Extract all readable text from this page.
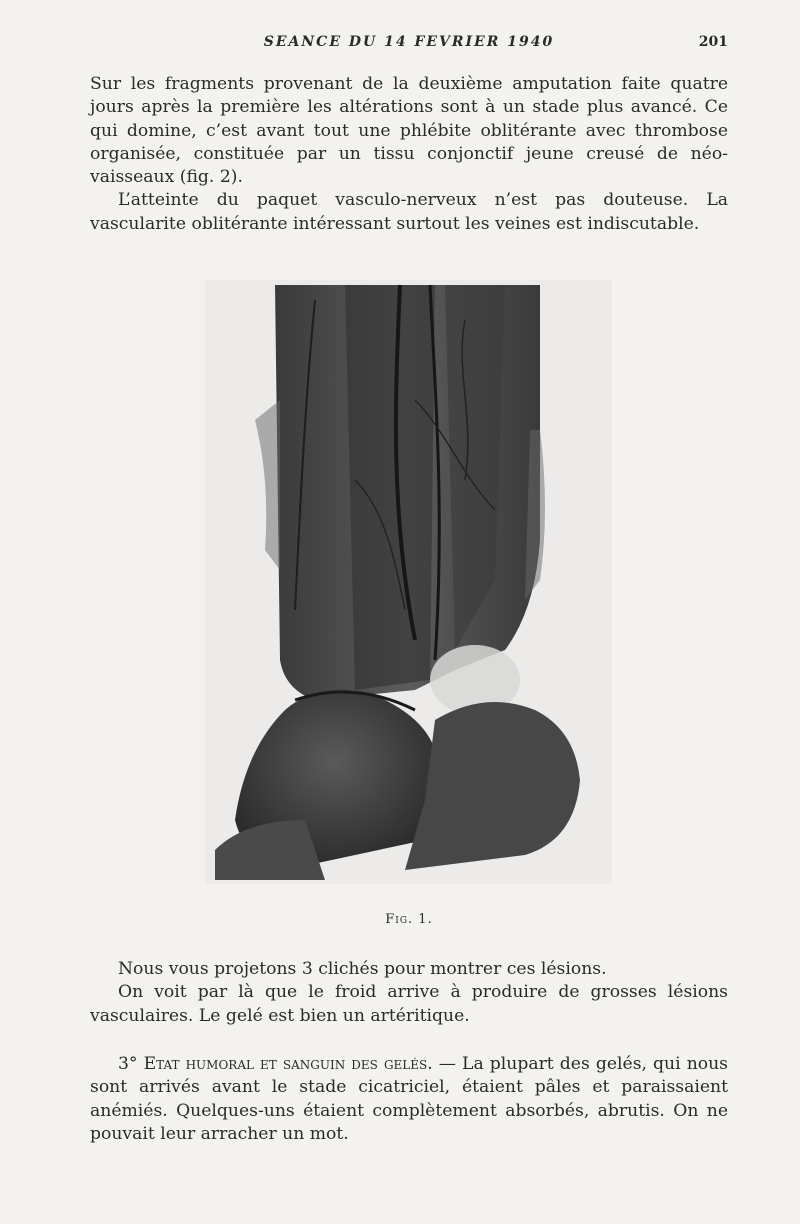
SEANCE DU 14 FEVRIER 1940	201

Sur les fragments provenant de la deuxième amputation faite quatre jours après la première les altérations sont à un stade plus avancé. Ce qui domine, c’est avant tout une phlébite oblitérante avec thrombose organisée, constituée par un tissu conjonctif jeune creusé de néo-vaisseaux (fig. 2).

L’atteinte du paquet vasculo-nerveux n’est pas douteuse. La vascularite oblitérante intéressant surtout les veines est indiscutable.

Fig. 1.

Nous vous projetons 3 clichés pour montrer ces lésions.

On voit par là que le froid arrive à produire de grosses lésions vasculaires. Le gelé est bien un artéritique.

3° Etat humoral et sanguin des gelés. — La plupart des gelés, qui nous sont arrivés avant le stade cicatriciel, étaient pâles et paraissaient anémiés. Quelques-uns étaient complètement absorbés, abrutis. On ne pouvait leur arracher un mot.
